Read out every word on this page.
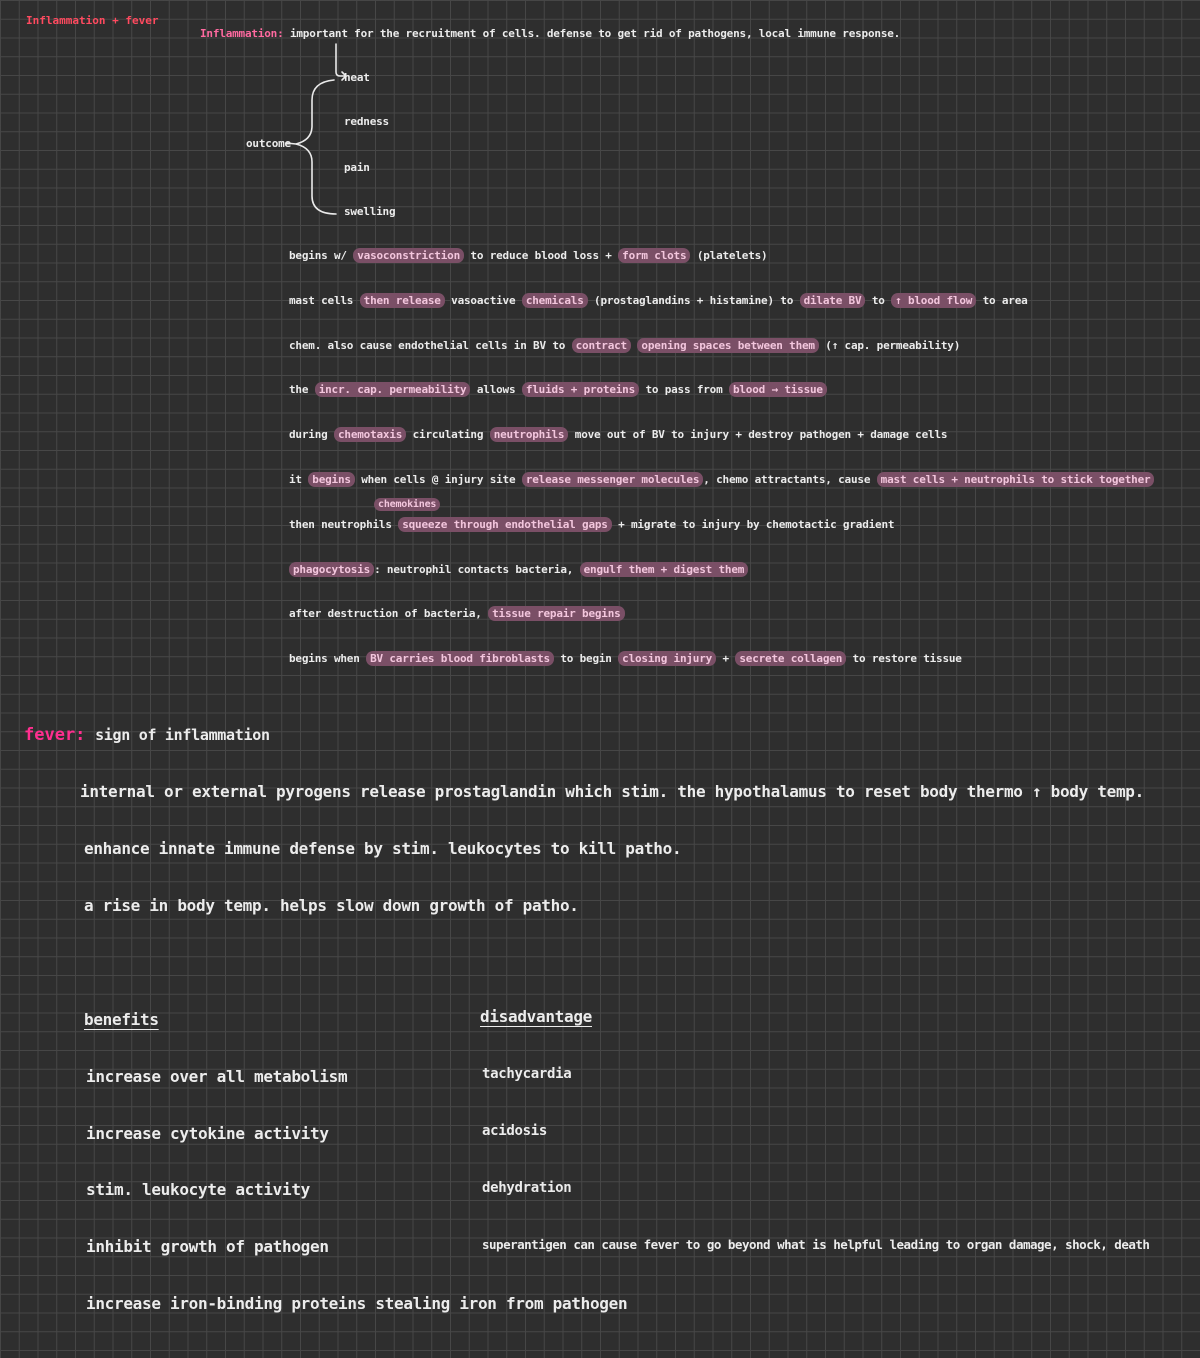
Inflammation + fever
Inflammation: important for the recruitment of cells. defense to get rid of pathogens, local immune response.
outcome
heat
redness
pain
swelling
begins w/ vasoconstriction to reduce blood loss + form clots (platelets)
mast cells then release vasoactive chemicals (prostaglandins + histamine) to dilate BV to ↑ blood flow to area
chem. also cause endothelial cells in BV to contract opening spaces between them (↑ cap. permeability)
the incr. cap. permeability allows fluids + proteins to pass from blood → tissue
during chemotaxis circulating neutrophils move out of BV to injury + destroy pathogen + damage cells
it begins when cells @ injury site release messenger molecules , chemo attractants, cause mast cells + neutrophils to stick together
then neutrophils squeeze through endothelial gaps + migrate to injury by chemotactic gradient
phagocytosis : neutrophil contacts bacteria, engulf them + digest them
after destruction of bacteria, tissue repair begins
begins when BV carries blood fibroblasts to begin closing injury + secrete collagen to restore tissue
chemokines
fever: sign of inflammation
internal or external pyrogens release prostaglandin which stim. the hypothalamus to reset body thermo ↑ body temp.
enhance innate immune defense by stim. leukocytes to kill patho.
a rise in body temp. helps slow down growth of patho.
benefits	disadvantage
increase over all metabolism
increase cytokine activity
stim. leukocyte activity
inhibit growth of pathogen
increase iron-binding proteins stealing iron from pathogen
tachycardia
acidosis
dehydration
superantigen can cause fever to go beyond what is helpful leading to organ damage, shock, death
